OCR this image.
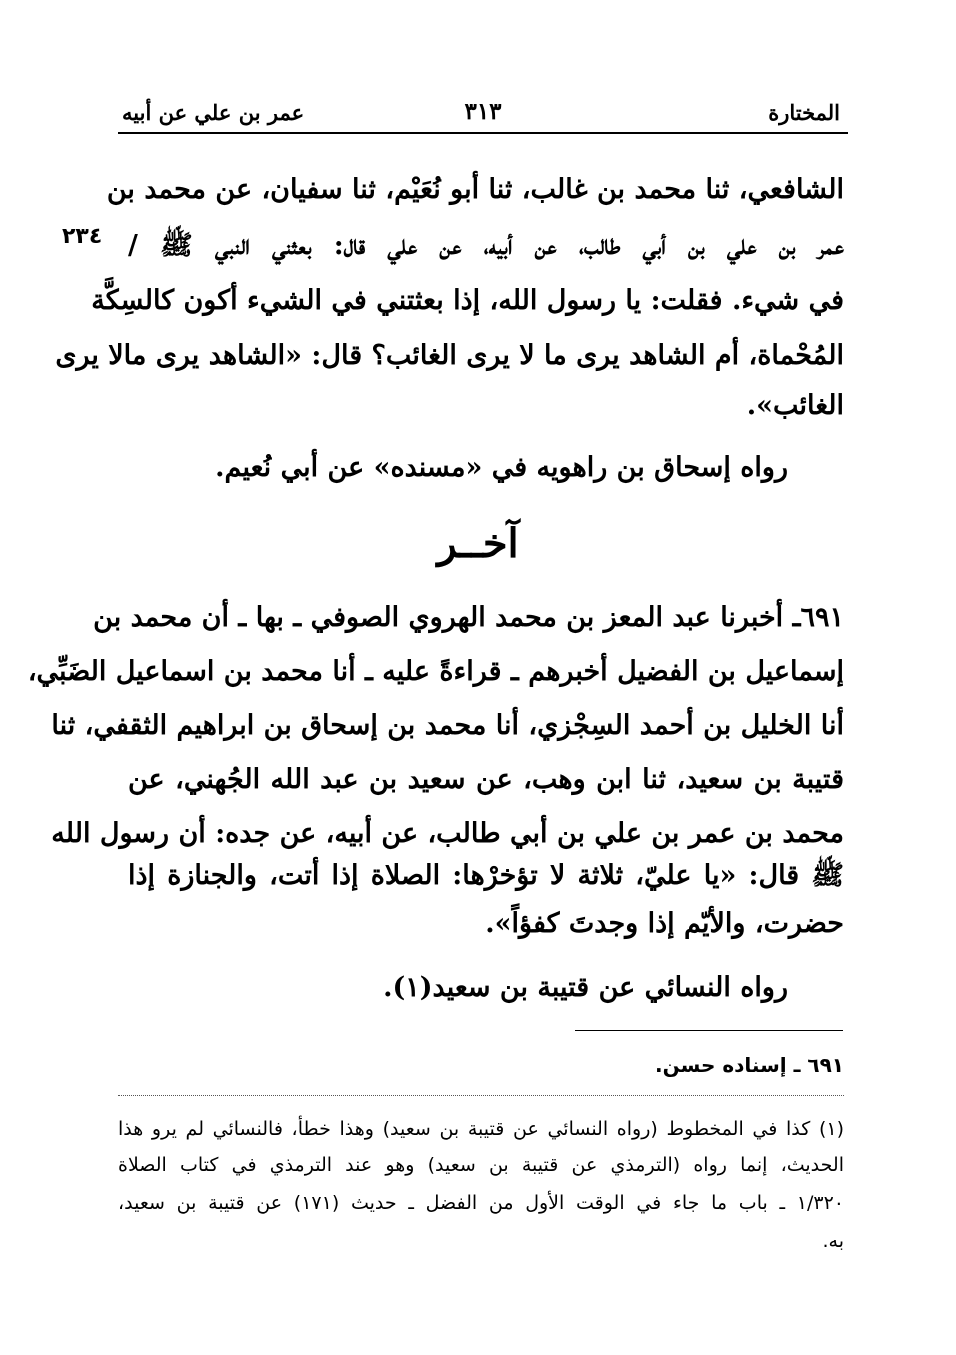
المختارة
٣١٣
عمر بن علي عن أبيه
٢٣٤
الشافعي، ثنا محمد بن غالب، ثنا أبو نُعَيْم، ثنا سفيان، عن محمد بن
عمر بن علي بن أبي طالب، عن أبيه، عن علي قال: بعثني النبي ﷺ /
في شيء. فقلت: يا رسول الله، إذا بعثتني في الشيء أكون كالسِكَّة
المُحْماة، أم الشاهد يرى ما لا يرى الغائب؟ قال: «الشاهد يرى مالا يرى
الغائب».
رواه إسحاق بن راهويه في «مسنده» عن أبي نُعيم.
آخــر
٦٩١ـ أخبرنا عبد المعز بن محمد الهروي الصوفي ـ بها ـ أن محمد بن
إسماعيل بن الفضيل أخبرهم ـ قراءةً عليه ـ أنا محمد بن اسماعيل الضَبِّي،
أنا الخليل بن أحمد السِجْزي، أنا محمد بن إسحاق بن ابراهيم الثقفي، ثنا
قتيبة بن سعيد، ثنا ابن وهب، عن سعيد بن عبد الله الجُهني، عن
محمد بن عمر بن علي بن أبي طالب، عن أبيه، عن جده: أن رسول الله
ﷺ قال: «يا عليّ، ثلاثة لا تؤخرْها: الصلاة إذا أتت، والجنازة إذا
حضرت، والأيّم إذا وجدتَ كفؤاً».
رواه النسائي عن قتيبة بن سعيد(١).
٦٩١ ـ إسناده حسن.
(١) كذا في المخطوط (رواه النسائي عن قتيبة بن سعيد) وهذا خطأ، فالنسائي لم يرو هذا
الحديث، إنما رواه (الترمذي عن قتيبة بن سعيد) وهو عند الترمذي في كتاب الصلاة
١/٣٢٠ ـ باب ما جاء في الوقت الأول من الفضل ـ حديث (١٧١) عن قتيبة بن سعيد،
به.
